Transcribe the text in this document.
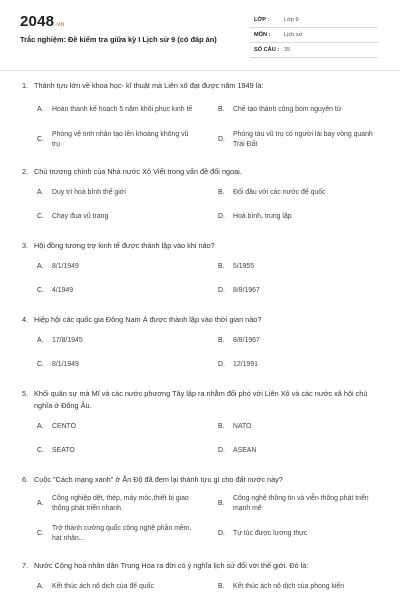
2048.vn
Trắc nghiệm: Đề kiểm tra giữa kỳ I Lịch sử 9 (có đáp án)
LỚP :	Lớp 9
MÔN : Lịch sử
SỐ CÂU : 35
1. Thành tựu lớn về khoa học- kĩ thuật mà Liên xô đạt được năm 1949 là:
A.	Hoàn thành kế hoạch 5 năm khôi phục kinh tế	B.	Chế tạo thành công bom nguyên tử
C.
Phóng vệ tinh nhân tạo lên khoảng không vũ trụ
D.
Phóng tàu vũ trụ có người lái bay vòng quanh Trái Đất
2. Chủ trương chính của Nhà nước Xô Viết trong vấn đề đối ngoại.
A.	Duy trì hoà bình thế giới	B.	Đối đầu với các nước đế quốc
C.	Chạy đua vũ trang	D.	Hoà bình, trung lập
3. Hội đồng tương trợ kinh tế được thành lập vào khi nào?
A.	8/1/1949	B.	5/1955
C.	4/1949	D.	8/8/1967
4. Hiệp hội các quốc gia Đông Nam Á được thành lập vào thời gian nào?
A.	17/8/1945	B.	8/8/1967
C.	8/1/1949	D.	12/1991
5. Khối quân sự mà Mĩ và các nước phương Tây lập ra nhằm đối phó với Liên Xô và các nước xã hội chủ nghĩa ở Đông Âu.
A.	CENTO	B.	NATO
C.	SEATO	D.	ASEAN
6. Cuộc "Cách mạng xanh" ở Ấn Độ đã đem lại thành tựu gì cho đất nước này?
A.
Công nghiệp dệt, thép, máy móc,thiết bị giao thông phát triển nhanh.
B.
Công nghệ thông tin và viễn thông phát triển mạnh mẽ
C.
Trở thành cường quốc công nghệ phần mềm, hạt nhân...
D.	Tự túc được lương thực
7. Nước Cộng hoà nhân dân Trung Hoa ra đời có ý nghĩa lịch sử đối với thế giới. Đó là:
A.	Kết thúc ách nô dịch của đế quốc	B.	Kết thúc ách nô dịch của phong kiến
